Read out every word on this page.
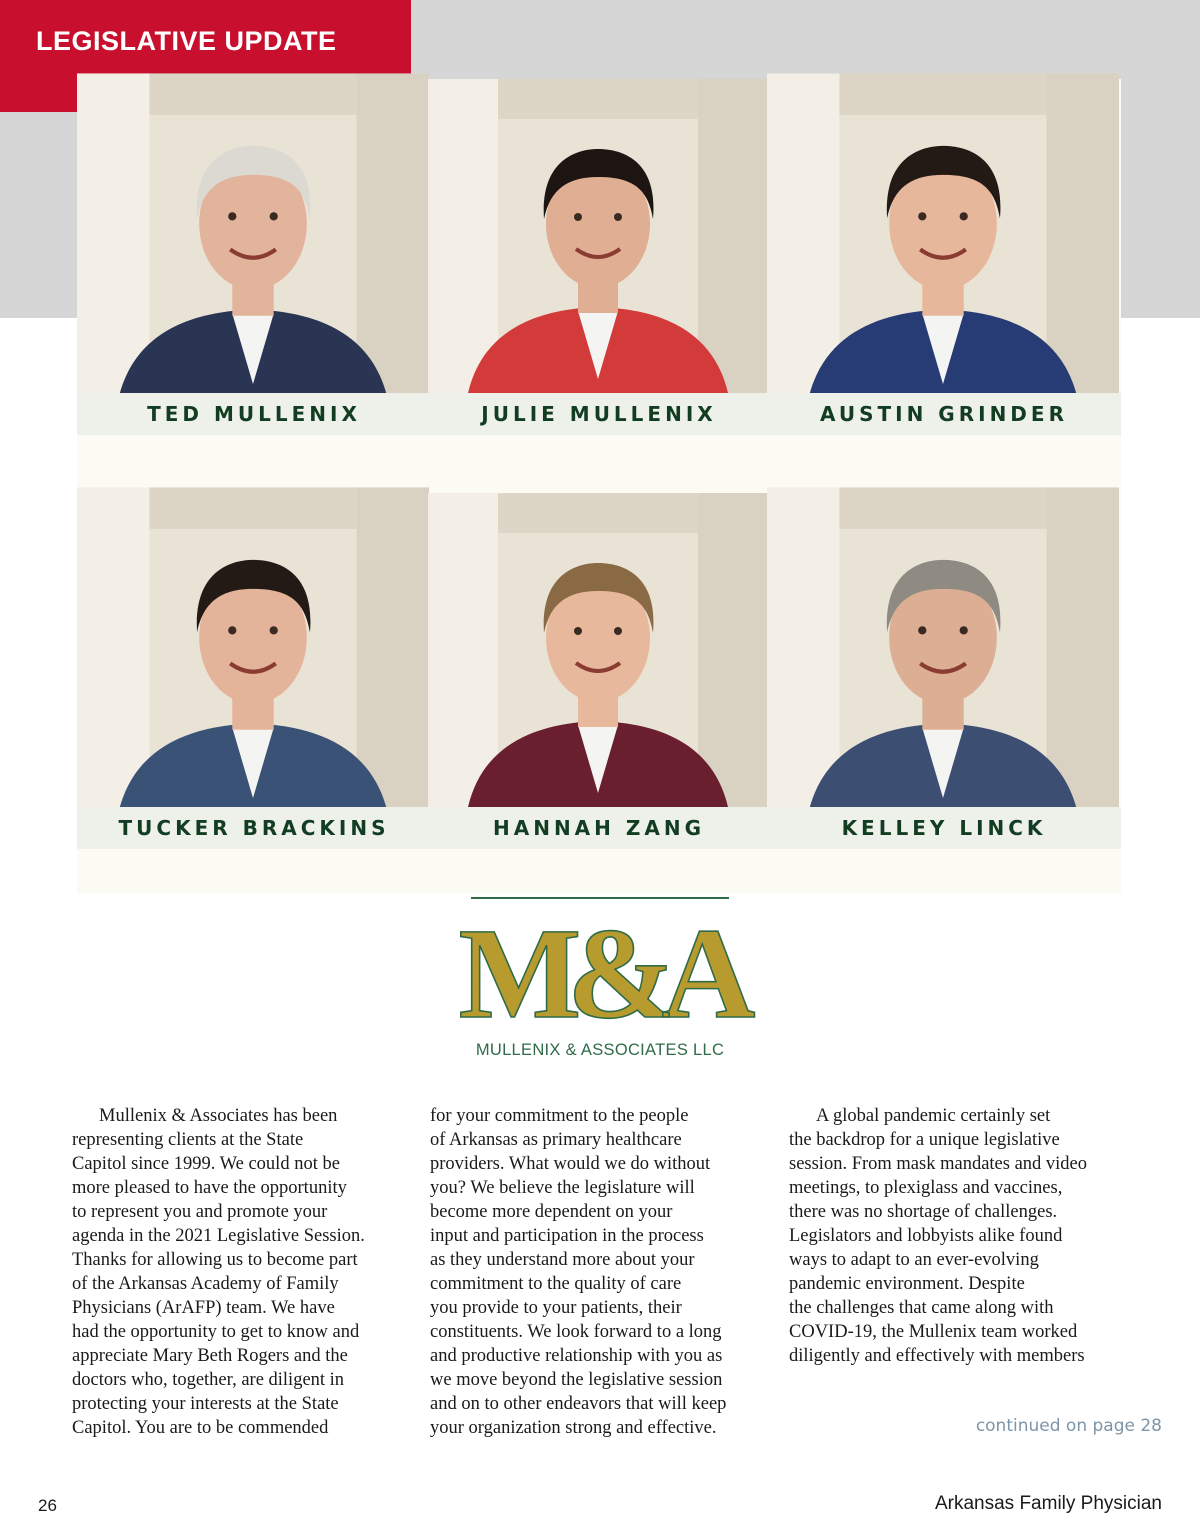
LEGISLATIVE UPDATE
TED MULLENIX	JULIE MULLENIX	AUSTIN GRINDER
TUCKER BRACKINS	HANNAH ZANG	KELLEY LINCK
M&A
MULLENIX & ASSOCIATES LLC
Mullenix & Associates has been
representing clients at the State
Capitol since 1999. We could not be
more pleased to have the opportunity
to represent you and promote your
agenda in the 2021 Legislative Session.
Thanks for allowing us to become part
of the Arkansas Academy of Family
Physicians (ArAFP) team. We have
had the opportunity to get to know and
appreciate Mary Beth Rogers and the
doctors who, together, are diligent in
protecting your interests at the State
Capitol. You are to be commended
for your commitment to the people
of Arkansas as primary healthcare
providers. What would we do without
you? We believe the legislature will
become more dependent on your
input and participation in the process
as they understand more about your
commitment to the quality of care
you provide to your patients, their
constituents. We look forward to a long
and productive relationship with you as
we move beyond the legislative session
and on to other endeavors that will keep
your organization strong and effective.
A global pandemic certainly set
the backdrop for a unique legislative
session. From mask mandates and video
meetings, to plexiglass and vaccines,
there was no shortage of challenges.
Legislators and lobbyists alike found
ways to adapt to an ever-evolving
pandemic environment. Despite
the challenges that came along with
COVID-19, the Mullenix team worked
diligently and effectively with members
continued on page 28
26	Arkansas Family Physician
